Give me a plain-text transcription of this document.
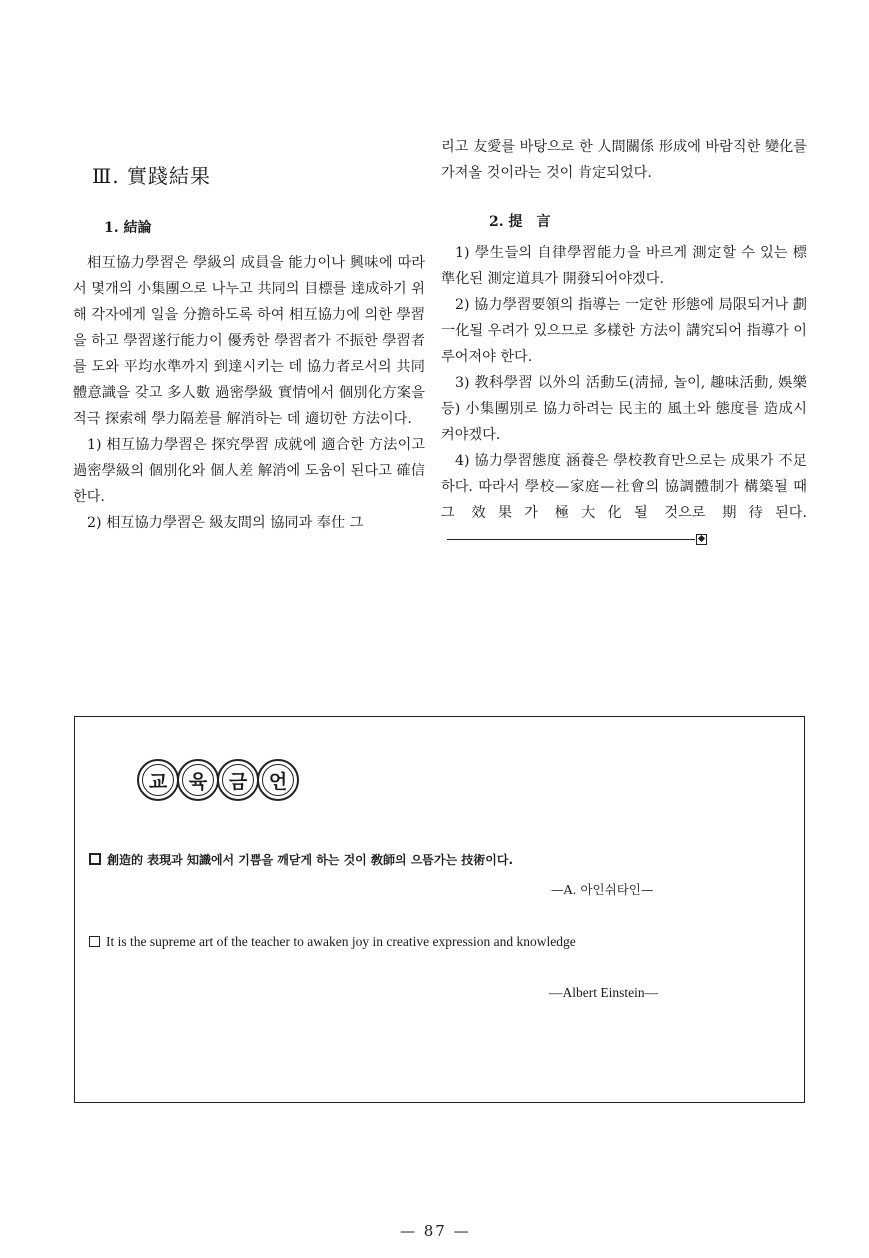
Ⅲ. 實踐結果
1. 結論

相互協力學習은 學級의 成員을 能力이나 興味에 따라서 몇개의 小集團으로 나누고 共同의 目標를 達成하기 위해 각자에게 일을 分擔하도록 하여 相互協力에 의한 學習을 하고 學習遂行能力이 優秀한 學習者가 不振한 學習者를 도와 平均水準까지 到達시키는 데 協力者로서의 共同體意識을 갖고 多人數 過密學級 實情에서 個別化方案을 적극 探索해 學力隔差를 解消하는 데 適切한 方法이다.

1) 相互協力學習은 探究學習 成就에 適合한 方法이고 過密學級의 個別化와 個人差 解消에 도움이 된다고 確信한다.

2) 相互協力學習은 級友間의 協同과 奉仕 그

리고 友愛를 바탕으로 한 人間關係 形成에 바람직한 變化를 가져올 것이라는 것이 肯定되었다.

2. 提　言

1) 學生들의 自律學習能力을 바르게 測定할 수 있는 標準化된 測定道具가 開發되어야겠다.

2) 協力學習要領의 指導는 一定한 形態에 局限되거나 劃一化될 우려가 있으므로 多樣한 方法이 講究되어 指導가 이루어져야 한다.

3) 教科學習 以外의 活動도(淸掃, 놀이, 趣味活動, 娛樂 등) 小集團別로 協力하려는 民主的 風土와 態度를 造成시켜야겠다.

4) 協力學習態度 涵養은 學校教育만으로는 成果가 不足하다. 따라서 學校—家庭—社會의 協調體制가 構築될 때 그 效果가 極大化될 것으로 期待된다.

교	육	금	언
創造的 表現과 知識에서 기쁨을 깨닫게 하는 것이 敎師의 으뜸가는 技術이다.
—A. 아인쉬타인—
It is the supreme art of the teacher to awaken joy in creative expression and knowledge
—Albert Einstein—
— 87 —
